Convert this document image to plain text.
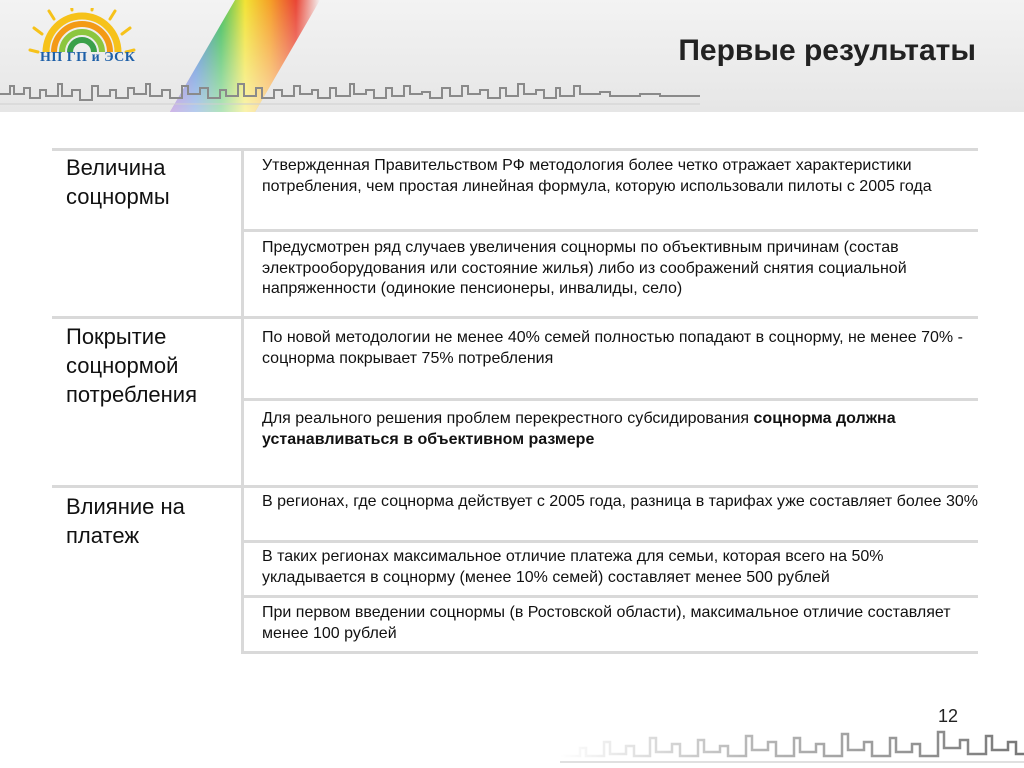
НП ГП и ЭСК	Первые результаты
Величина соцнормы
Утвержденная Правительством РФ методология более четко отражает характеристики потребления, чем простая линейная формула, которую использовали пилоты с 2005 года
Предусмотрен ряд случаев увеличения соцнормы по объективным причинам (состав электрооборудования или состояние жилья) либо из соображений снятия социальной напряженности (одинокие пенсионеры, инвалиды, село)
Покрытие соцнормой потребления
По новой методологии не менее 40% семей полностью попадают в соцнорму, не менее 70% - соцнорма покрывает 75% потребления
Для реального решения проблем перекрестного субсидирования соцнорма должна устанавливаться в объективном размере
Влияние на платеж
В регионах, где соцнорма действует с 2005 года, разница в тарифах уже составляет более 30%
В таких регионах максимальное отличие платежа для семьи, которая всего на 50% укладывается в соцнорму (менее 10% семей) составляет менее 500 рублей
При первом введении соцнормы (в Ростовской области), максимальное отличие составляет менее 100 рублей
12
